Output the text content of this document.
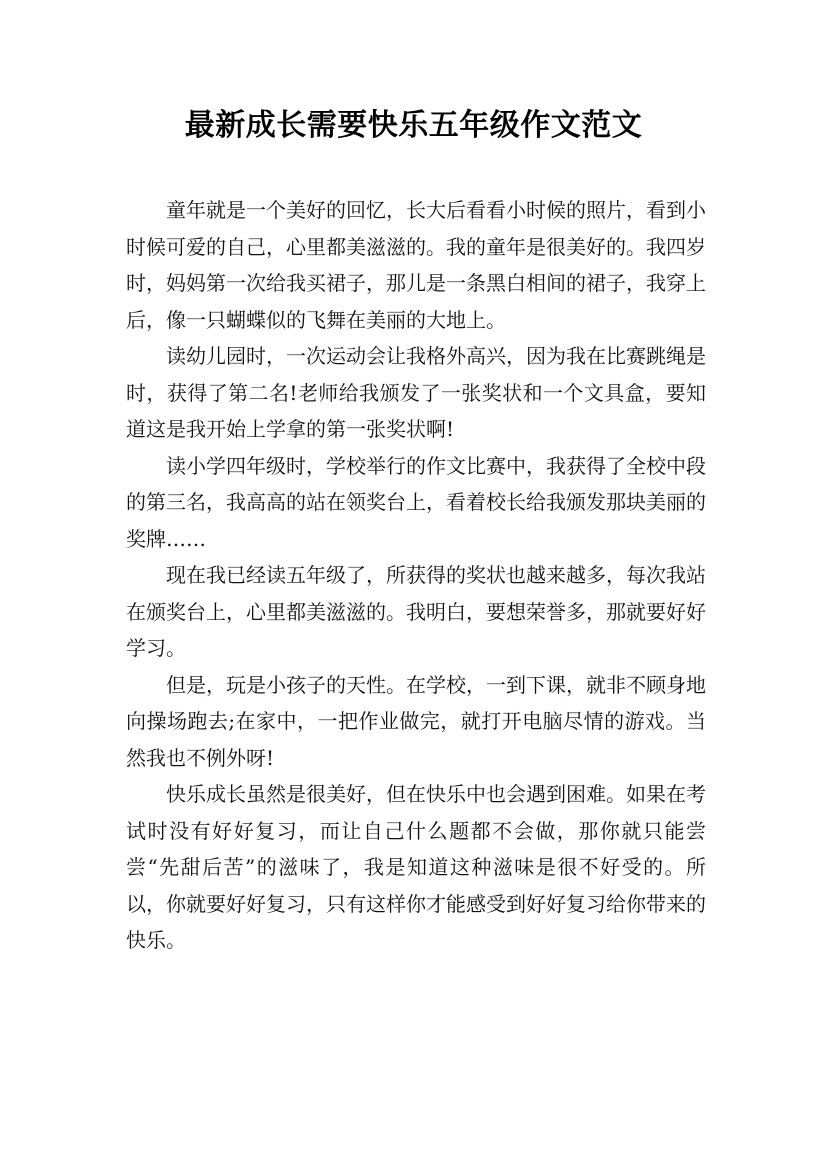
最新成长需要快乐五年级作文范文

童年就是一个美好的回忆，长大后看看小时候的照片，看到小时候可爱的自己，心里都美滋滋的。我的童年是很美好的。我四岁时，妈妈第一次给我买裙子，那儿是一条黑白相间的裙子，我穿上后，像一只蝴蝶似的飞舞在美丽的大地上。

读幼儿园时，一次运动会让我格外高兴，因为我在比赛跳绳是时，获得了第二名!老师给我颁发了一张奖状和一个文具盒，要知道这是我开始上学拿的第一张奖状啊!

读小学四年级时，学校举行的作文比赛中，我获得了全校中段的第三名，我高高的站在领奖台上，看着校长给我颁发那块美丽的奖牌……

现在我已经读五年级了，所获得的奖状也越来越多，每次我站在颁奖台上，心里都美滋滋的。我明白，要想荣誉多，那就要好好学习。

但是，玩是小孩子的天性。在学校，一到下课，就非不顾身地向操场跑去;在家中，一把作业做完，就打开电脑尽情的游戏。当然我也不例外呀!

快乐成长虽然是很美好，但在快乐中也会遇到困难。如果在考试时没有好好复习，而让自己什么题都不会做，那你就只能尝尝“先甜后苦”的滋味了，我是知道这种滋味是很不好受的。所以，你就要好好复习，只有这样你才能感受到好好复习给你带来的快乐。
